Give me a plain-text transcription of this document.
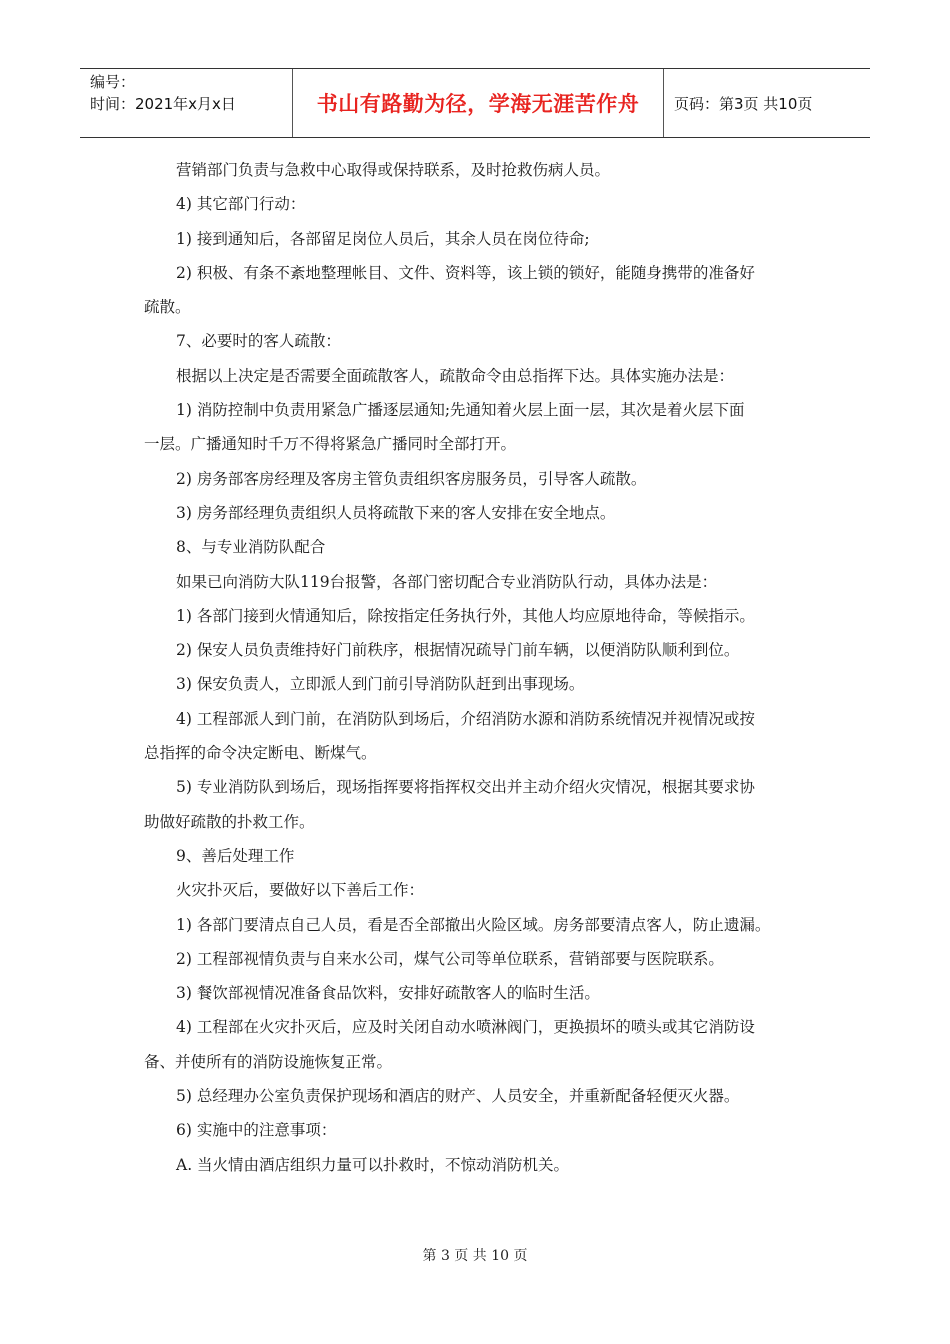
编号：
时间：2021年x月x日	书山有路勤为径，学海无涯苦作舟	页码：第3页 共10页
营销部门负责与急救中心取得或保持联系，及时抢救伤病人员。
4) 其它部门行动：
1) 接到通知后，各部留足岗位人员后，其余人员在岗位待命;
2) 积极、有条不紊地整理帐目、文件、资料等，该上锁的锁好，能随身携带的准备好
疏散。
7、必要时的客人疏散：
根据以上决定是否需要全面疏散客人，疏散命令由总指挥下达。具体实施办法是：
1) 消防控制中负责用紧急广播逐层通知;先通知着火层上面一层，其次是着火层下面
一层。广播通知时千万不得将紧急广播同时全部打开。
2) 房务部客房经理及客房主管负责组织客房服务员，引导客人疏散。
3) 房务部经理负责组织人员将疏散下来的客人安排在安全地点。
8、与专业消防队配合
如果已向消防大队119台报警，各部门密切配合专业消防队行动，具体办法是：
1) 各部门接到火情通知后，除按指定任务执行外，其他人均应原地待命，等候指示。
2) 保安人员负责维持好门前秩序，根据情况疏导门前车辆，以便消防队顺利到位。
3) 保安负责人，立即派人到门前引导消防队赶到出事现场。
4) 工程部派人到门前，在消防队到场后，介绍消防水源和消防系统情况并视情况或按
总指挥的命令决定断电、断煤气。
5) 专业消防队到场后，现场指挥要将指挥权交出并主动介绍火灾情况，根据其要求协
助做好疏散的扑救工作。
9、善后处理工作
火灾扑灭后，要做好以下善后工作：
1) 各部门要清点自己人员，看是否全部撤出火险区域。房务部要清点客人，防止遗漏。
2) 工程部视情负责与自来水公司，煤气公司等单位联系，营销部要与医院联系。
3) 餐饮部视情况准备食品饮料，安排好疏散客人的临时生活。
4) 工程部在火灾扑灭后，应及时关闭自动水喷淋阀门，更换损坏的喷头或其它消防设
备、并使所有的消防设施恢复正常。
5) 总经理办公室负责保护现场和酒店的财产、人员安全，并重新配备轻便灭火器。
6) 实施中的注意事项：
A. 当火情由酒店组织力量可以扑救时，不惊动消防机关。
第 3 页 共 10 页
